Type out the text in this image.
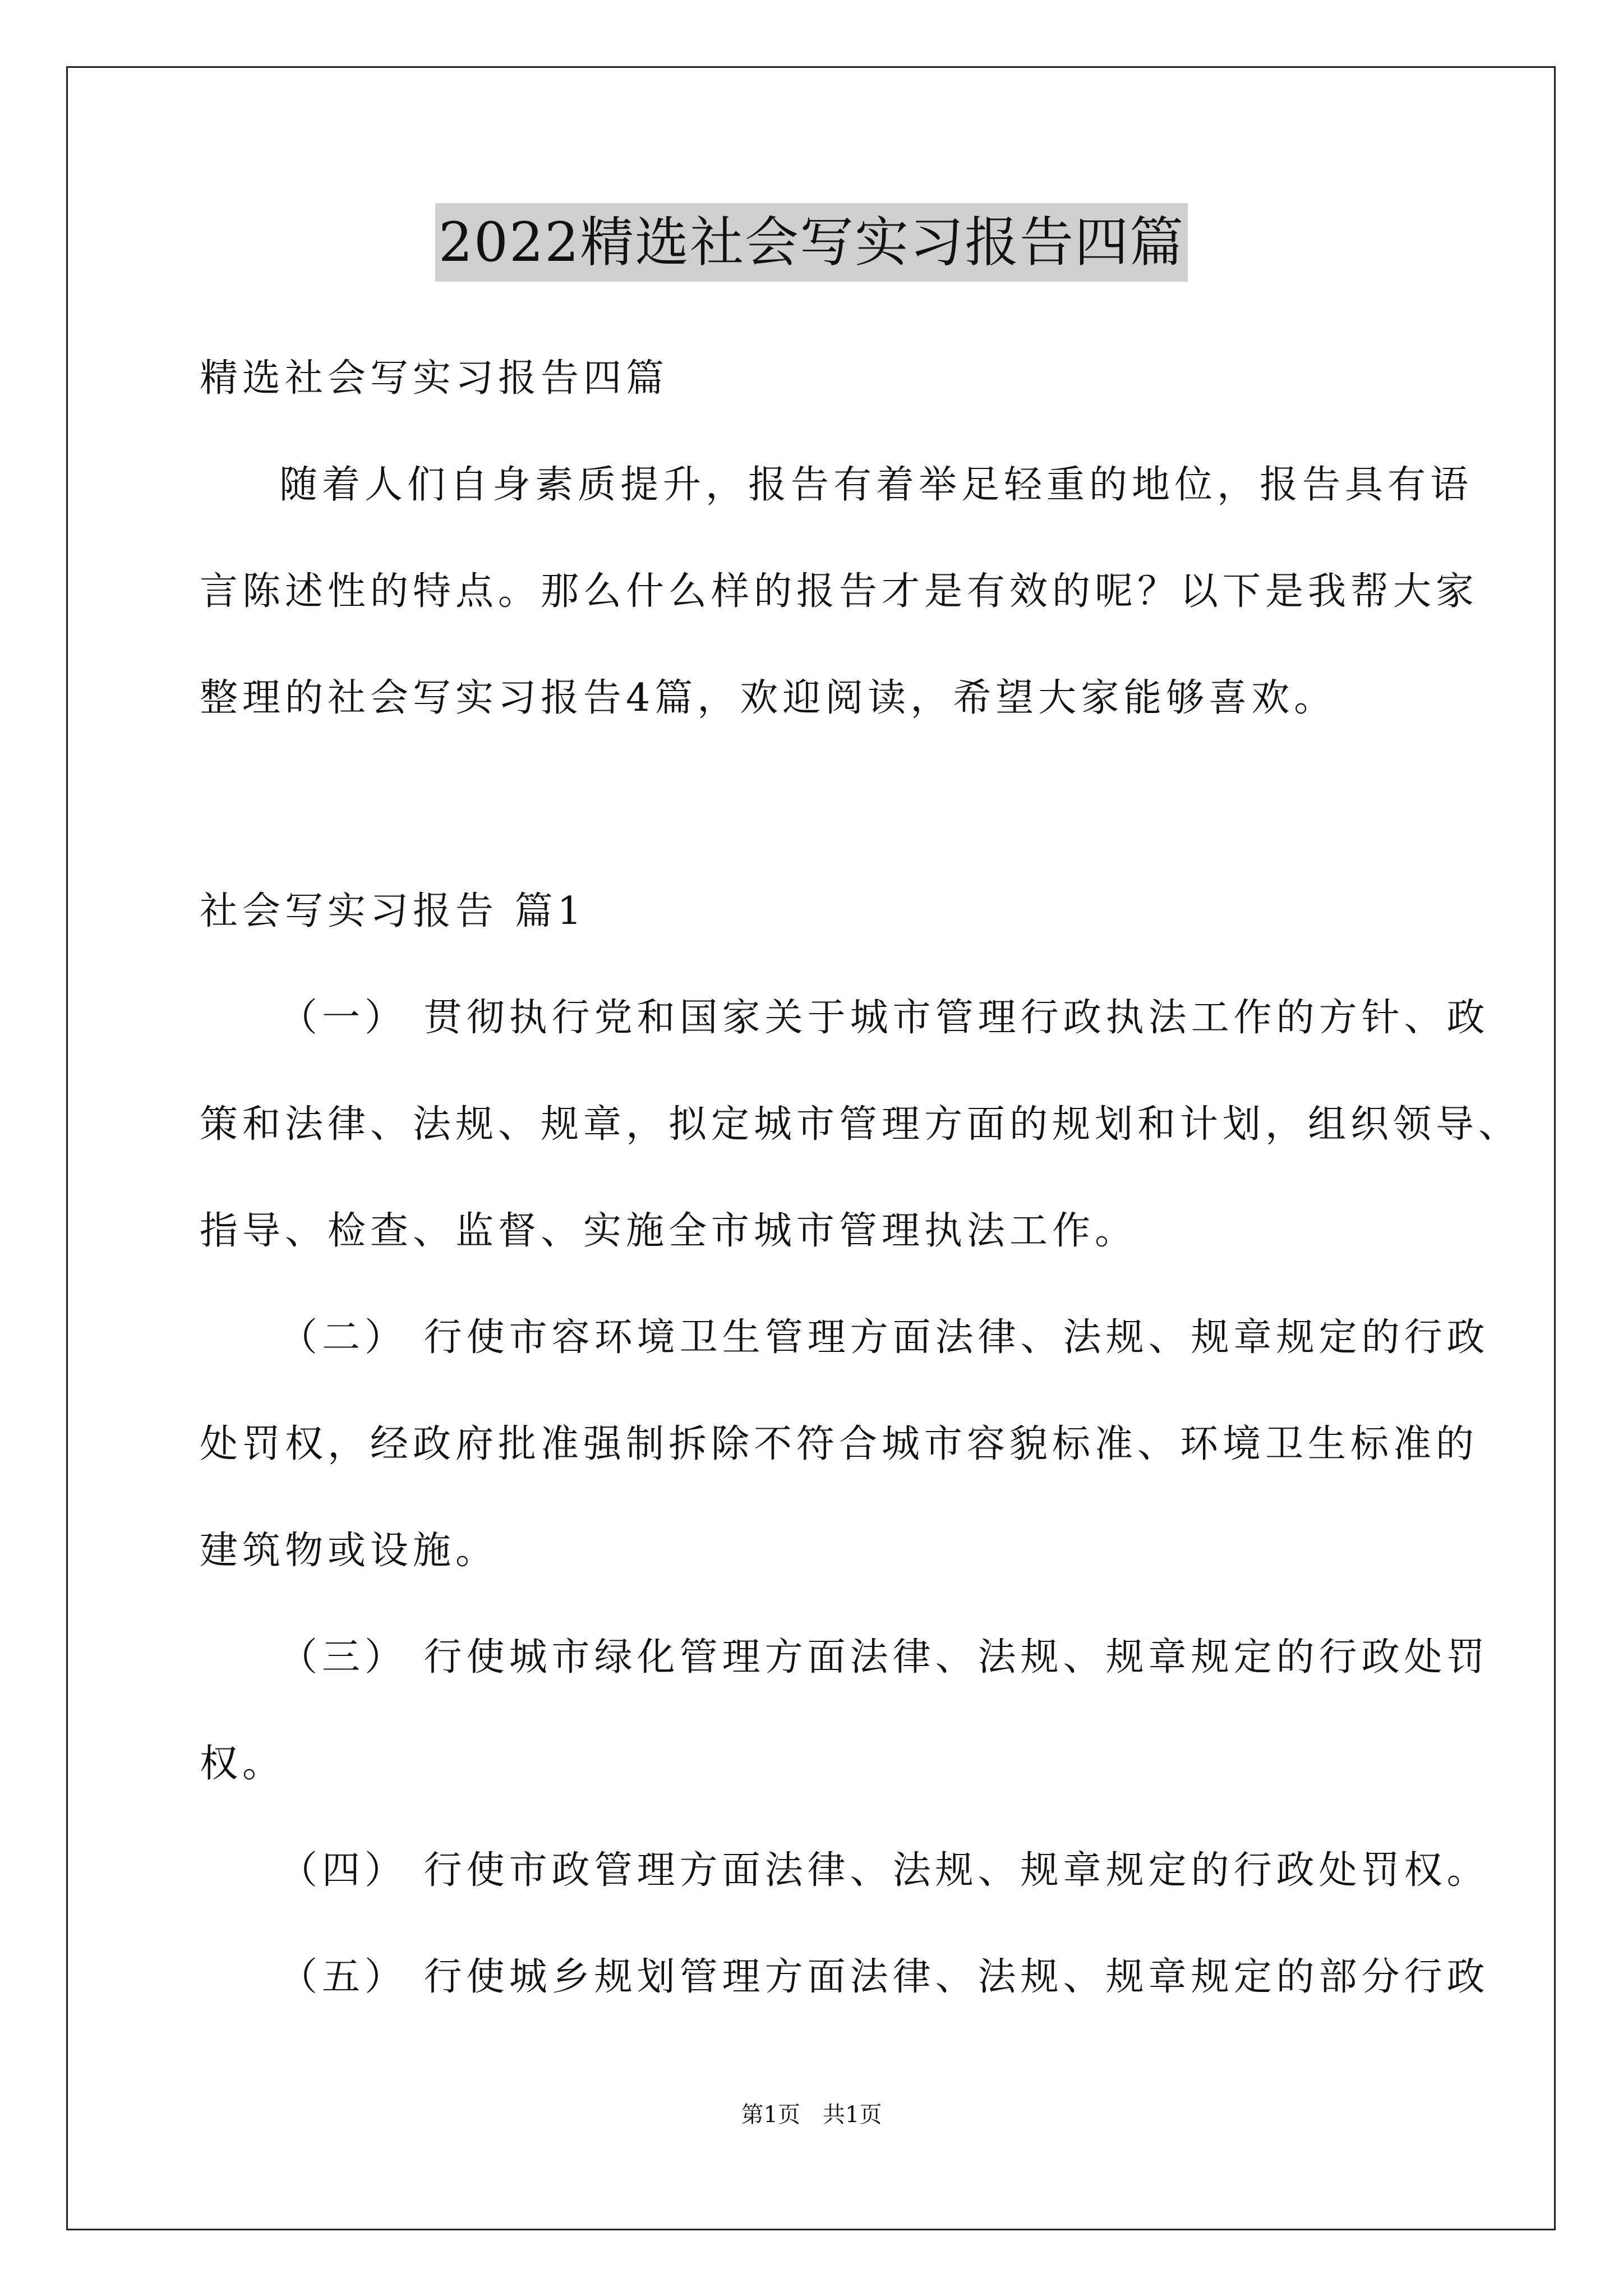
2022精选社会写实习报告四篇
精选社会写实习报告四篇
随着人们自身素质提升，报告有着举足轻重的地位，报告具有语
言陈述性的特点。那么什么样的报告才是有效的呢？以下是我帮大家
整理的社会写实习报告4篇，欢迎阅读，希望大家能够喜欢。
社会写实习报告 篇1
（一） 贯彻执行党和国家关于城市管理行政执法工作的方针、政
策和法律、法规、规章，拟定城市管理方面的规划和计划，组织领导、
指导、检查、监督、实施全市城市管理执法工作。
（二） 行使市容环境卫生管理方面法律、法规、规章规定的行政
处罚权，经政府批准强制拆除不符合城市容貌标准、环境卫生标准的
建筑物或设施。
（三） 行使城市绿化管理方面法律、法规、规章规定的行政处罚
权。
（四） 行使市政管理方面法律、法规、规章规定的行政处罚权。
（五） 行使城乡规划管理方面法律、法规、规章规定的部分行政
第1页　共1页
